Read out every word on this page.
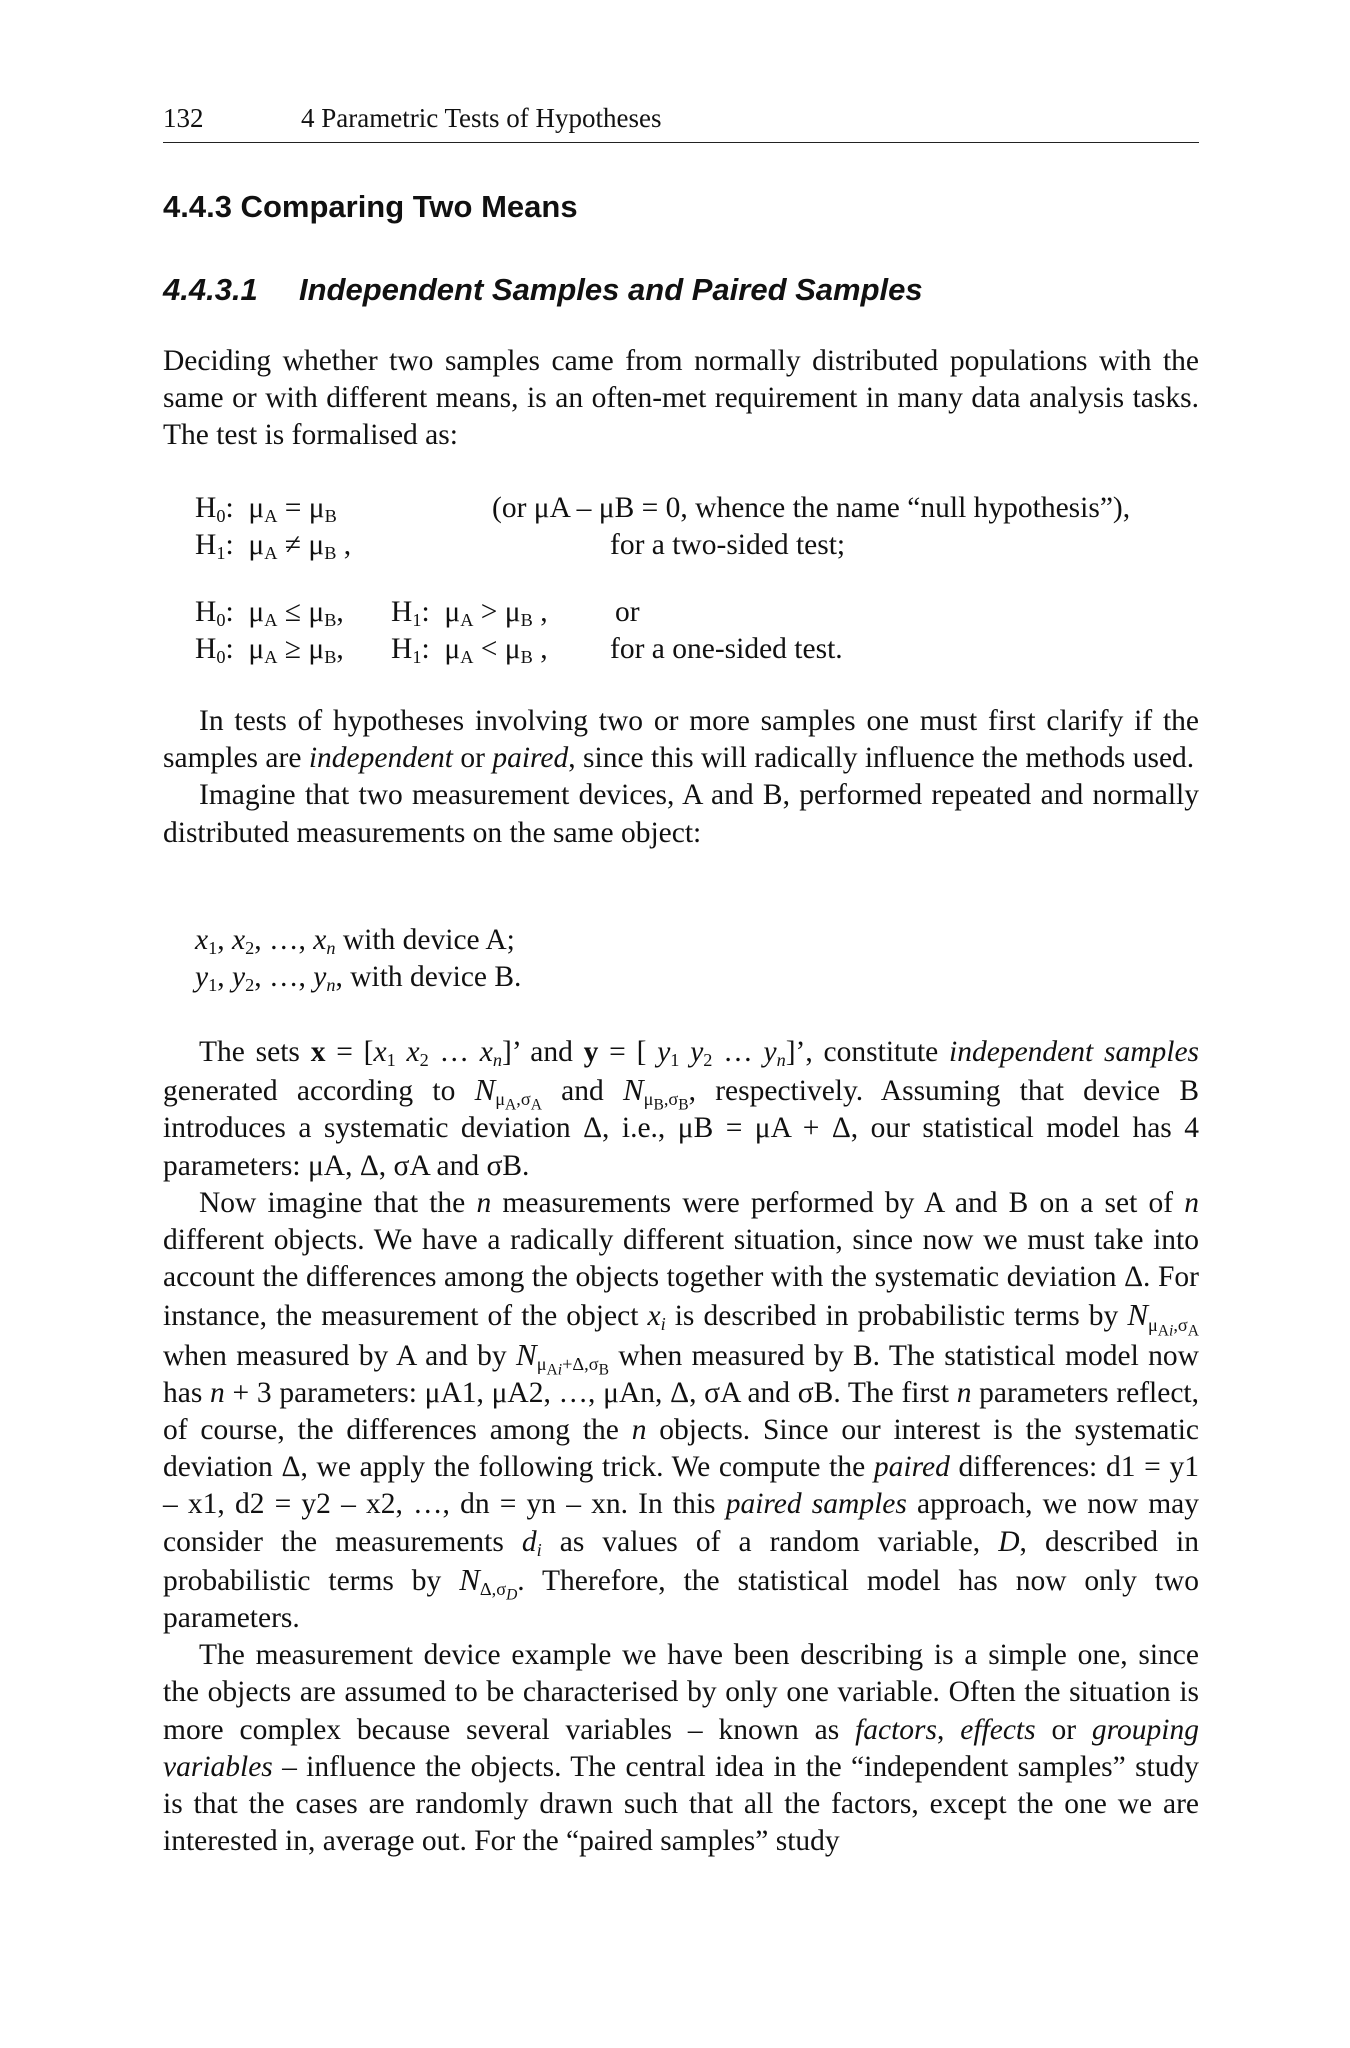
132	4 Parametric Tests of Hypotheses
4.4.3 Comparing Two Means
4.4.3.1 Independent Samples and Paired Samples

Deciding whether two samples came from normally distributed populations with the same or with different means, is an often-met requirement in many data analysis tasks. The test is formalised as:

$H_0$:  $\mu_A = \mu_B$	(or μA – μB = 0, whence the name “null hypothesis”),
$H_1$:  $\mu_A \ne \mu_B$ ,	for a two-sided test;
$H_0$:  $\mu_A \le \mu_B$, $H_1$:  $\mu_A > \mu_B$ , or
$H_0$:  $\mu_A \ge \mu_B$, $H_1$:  $\mu_A < \mu_B$ , for a one-sided test.

In tests of hypotheses involving two or more samples one must first clarify if the samples are independent or paired, since this will radically influence the methods used.

Imagine that two measurement devices, A and B, performed repeated and normally distributed measurements on the same object:

$x_1$, $x_2$, …, $x_n$ with device A;

$y_1$, $y_2$, …, $y_n$, with device B.

The sets $x = [x_1$ $x_2$ … $x_n$]’ and y = [ $y_1$ $y_2$ … $y_n$]’, constitute independent samples generated according to $N_{\mu_A,\sigma_A}$ and $N_{\mu_B,\sigma_B}$, respectively. Assuming that device B introduces a systematic deviation Δ, i.e., μB = μA + Δ, our statistical model has 4 parameters: μA, Δ, σA and σB.

Now imagine that the n measurements were performed by A and B on a set of n different objects. We have a radically different situation, since now we must take into account the differences among the objects together with the systematic deviation Δ. For instance, the measurement of the object $x_i$ is described in probabilistic terms by $N_{\mu_{Ai},\sigma_A}$ when measured by A and by $N_{\mu_{Ai}+\Delta,\sigma_B}$ when measured by B. The statistical model now has n + 3 parameters: μA1, μA2, …, μAn, Δ, σA and σB. The first n parameters reflect, of course, the differences among the n objects. Since our interest is the systematic deviation Δ, we apply the following trick. We compute the paired differences: d1 = y1 – x1, d2 = y2 – x2, …, dn = yn – xn. In this paired samples approach, we now may consider the measurements $d_i$ as values of a random variable, D, described in probabilistic terms by $N_{\Delta,\sigma_D}$. Therefore, the statistical model has now only two parameters.

The measurement device example we have been describing is a simple one, since the objects are assumed to be characterised by only one variable. Often the situation is more complex because several variables – known as factors, effects or grouping variables – influence the objects. The central idea in the “independent samples” study is that the cases are randomly drawn such that all the factors, except the one we are interested in, average out. For the “paired samples” study
